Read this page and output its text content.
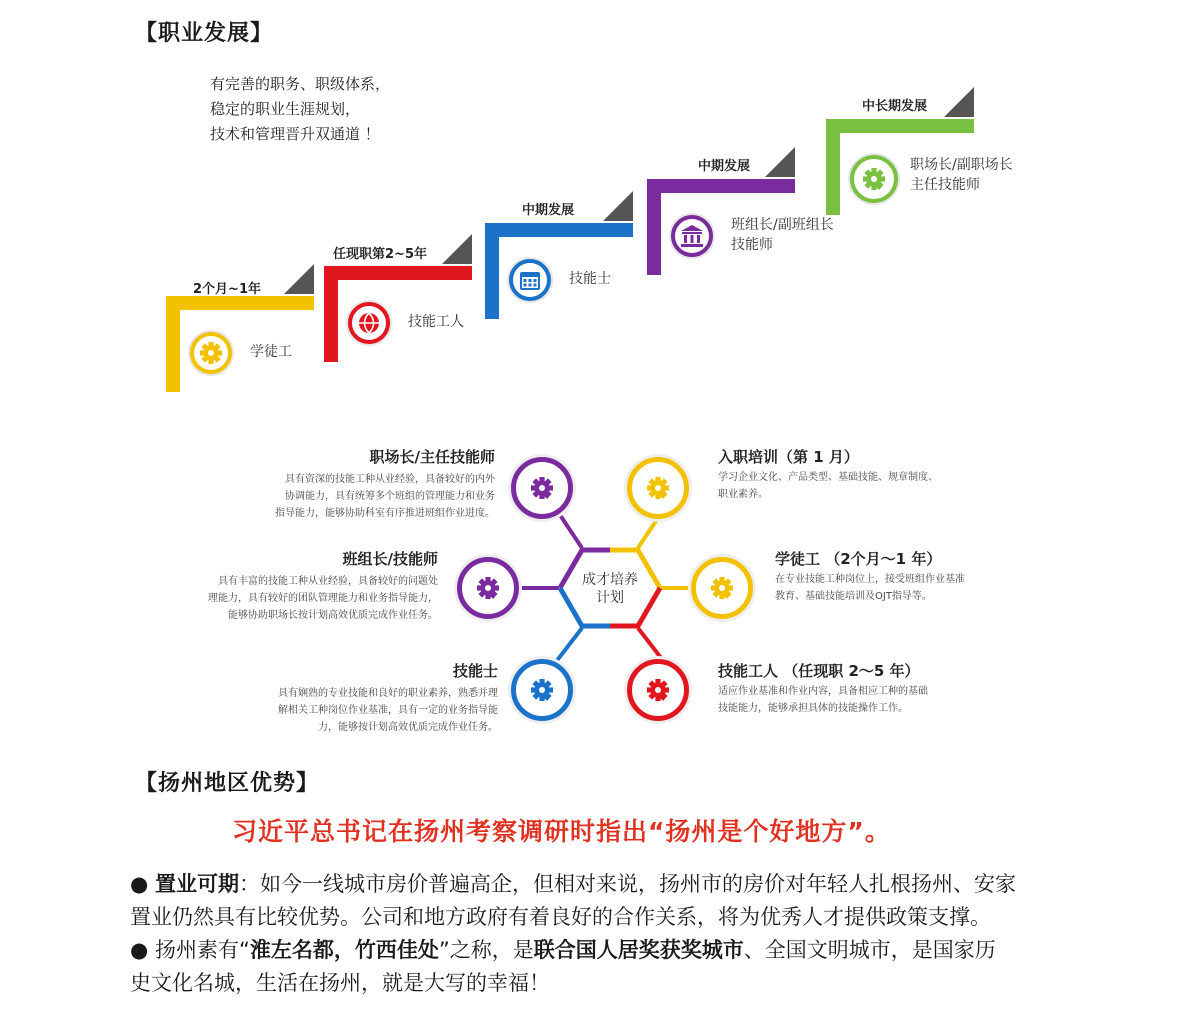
【职业发展】
有完善的职务、职级体系，
稳定的职业生涯规划，
技术和管理晋升双通道 ！
2个月~1年
学徒工
任现职第2~5年
技能工人
中期发展
技能士
中期发展
班组长/副班组长
技能师
中长期发展
职场长/副职场长
主任技能师
成才培养
计划
职场长/主任技能师
具有资深的技能工种从业经验，具备较好的内外
协调能力，具有统筹多个班组的管理能力和业务
指导能力，能够协助科室有序推进班组作业进度。
班组长/技能师
具有丰富的技能工种从业经验，具备较好的问题处
理能力，具有较好的团队管理能力和业务指导能力，
能够协助职场长按计划高效优质完成作业任务。
技能士
具有娴熟的专业技能和良好的职业素养，熟悉并理
解相关工种岗位作业基准，具有一定的业务指导能
力，能够按计划高效优质完成作业任务。
入职培训（第 1 月）
学习企业文化、产品类型、基础技能、规章制度、
职业素养。
学徒工 （2个月～1 年）
在专业技能工种岗位上，接受班组作业基准
教育、基础技能培训及OJT指导等。
技能工人 （任现职 2～5 年）
适应作业基准和作业内容，具备相应工种的基础
技能能力，能够承担具体的技能操作工作。
【扬州地区优势】
习近平总书记在扬州考察调研时指出“扬州是个好地方”。
● 置业可期：如今一线城市房价普遍高企，但相对来说，扬州市的房价对年轻人扎根扬州、安家
置业仍然具有比较优势。公司和地方政府有着良好的合作关系，将为优秀人才提供政策支撑。
● 扬州素有“淮左名都，竹西佳处”之称，是联合国人居奖获奖城市、全国文明城市，是国家历
史文化名城，生活在扬州，就是大写的幸福！
